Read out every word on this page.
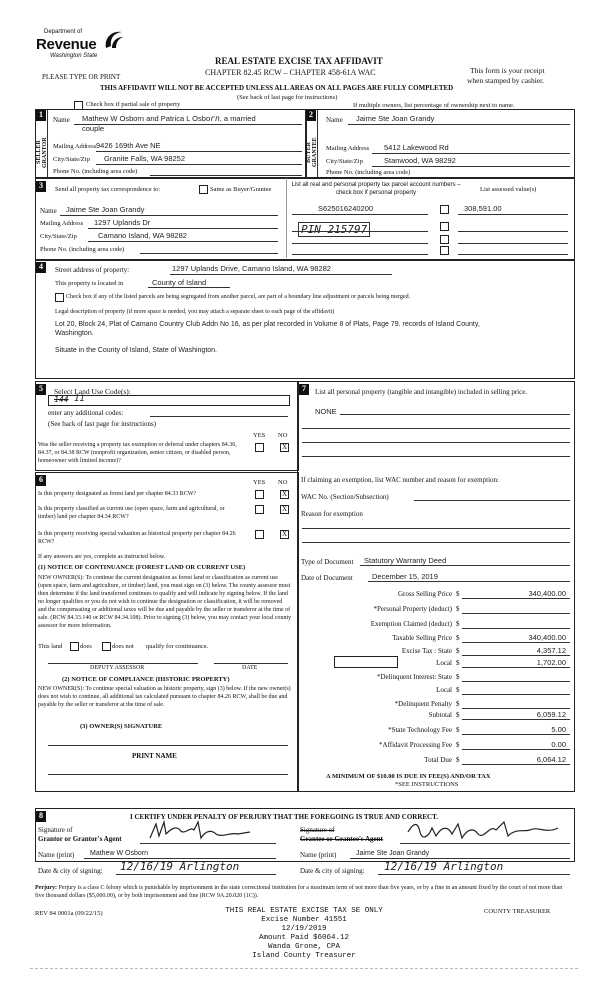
Department of
Revenue
Washington State
PLEASE TYPE OR PRINT
REAL ESTATE EXCISE TAX AFFIDAVIT
CHAPTER 82.45 RCW – CHAPTER 458-61A WAC	This form is your receipt
when stamped by cashier.
THIS AFFIDAVIT WILL NOT BE ACCEPTED UNLESS ALL AREAS ON ALL PAGES ARE FULLY COMPLETED
(See back of last page for instructions)
Check box if partial sale of property	If multiple owners, list percentage of ownership next to name.
1
SELLER GRANTOR
Name Mathew W Osborn and Patrica L Osborn, a married
couple
Mailing Address 9426 169th Ave NE
City/State/Zip Granite Falls, WA 98252
Phone No. (including area code)
2
BUYER GRANTEE
Name Jaime Ste Joan Grandy
Mailing Address 5412 Lakewood Rd
City/State/Zip	Stanwood, WA 98292
Phone No. (including area code)
3	Send all property tax correspondence to:	Same as Buyer/Grantee
Name Jaime Ste Joan Grandy
Mailing Address 1297 Uplands Dr
City/State/Zip	Camano Island, WA 98282
Phone No. (including area code)
List all real and personal property tax parcel account numbers – check box if personal property	List assessed value(s)
S625016240200	308,591.00
PIN 215797
4	Street address of property:	1297 Uplands Drive, Camano Island, WA 98282
This property is located in	County of Island
Check box if any of the listed parcels are being segregated from another parcel, are part of a boundary line adjustment or parcels being merged.
Legal description of property (if more space is needed, you may attach a separate sheet to each page of the affidavit)
Lot 20, Block 24, Plat of Camano Country Club Addn No 16, as per plat recorded in Volume 8 of Plats, Page 79. records of Island County,
Washington.
Situate in the County of Island, State of Washington.
5	Select Land Use Code(s):
144 11
enter any additional codes:
(See back of last page for instructions)
YES NO
Was the seller receiving a property tax exemption or deferral under chapters 84.36, 84.37, or 84.38 RCW (nonprofit organization, senior citizen, or disabled person, homeowner with limited income)?
X
6	YES NO
Is this property designated as forest land per chapter 84.33 RCW?	X
Is this property classified as current use (open space, farm and agricultural, or timber) land per chapter 84.34 RCW?
X
Is this property receiving special valuation as historical property per chapter 84.26 RCW?
X
If any answers are yes, complete as instructed below.
(1) NOTICE OF CONTINUANCE (FOREST LAND OR CURRENT USE)
NEW OWNER(S): To continue the current designation as forest land or classification as current use (open space, farm and agriculture, or timber) land, you must sign on (3) below. The county assessor must then determine if the land transferred continues to qualify and will indicate by signing below. If the land no longer qualifies or you do not wish to continue the designation or classification, it will be removed and the compensating or additional taxes will be due and payable by the seller or transferor at the time of sale. (RCW 84.33.140 or RCW 84.34.108). Prior to signing (3) below, you may contact your local county assessor for more information.
This land	does	does not qualify for continuance.
DEPUTY ASSESSOR	DATE
(2) NOTICE OF COMPLIANCE (HISTORIC PROPERTY)
NEW OWNER(S): To continue special valuation as historic property, sign (3) below. If the new owner(s) does not wish to continue, all additional tax calculated pursuant to chapter 84.26 RCW, shall be due and payable by the seller or transferor at the time of sale.
(3) OWNER(S) SIGNATURE
PRINT NAME
7	List all personal property (tangible and intangible) included in selling price.
NONE
If claiming an exemption, list WAC number and reason for exemption:
WAC No. (Section/Subsection)
Reason for exemption
Type of Document Statutory Warranty Deed
Date of Document	December 15, 2019
Gross Selling Price $	340,400.00
*Personal Property (deduct) $
Exemption Claimed (deduct) $
Taxable Selling Price $	340,400.00
Excise Tax : State $	4,357.12
Local $	1,702.00
*Delinquent Interest: State $
Local $
*Delinquent Penalty $
Subtotal $	6,059.12
*State Technology Fee $	5.00
*Affidavit Processing Fee $	0.00
Total Due $	6,064.12
A MINIMUM OF $10.00 IS DUE IN FEE(S) AND/OR TAX
*SEE INSTRUCTIONS
8	I CERTIFY UNDER PENALTY OF PERJURY THAT THE FOREGOING IS TRUE AND CORRECT.
Signature of
Grantor or Grantor's Agent
Name (print) Mathew W Osborn
Signature of
Grantee or Grantee's Agent
Name (print)	Jaime Ste Joan Grandy
Date & city of signing: 12/16/19 Arlington	Date & city of signing: 12/16/19 Arlington
Perjury: Perjury is a class C felony which is punishable by imprisonment in the state correctional institution for a maximum term of not more than five years, or by a fine in an amount fixed by the court of not more than five thousand dollars ($5,000.00), or by both imprisonment and fine (RCW 9A.20.020 (1C)).
REV 84 0001a (09/22/15)	THIS REAL ESTATE EXCISE TAX SE ONLY
Excise Number 41551
12/19/2019
Amount Paid $6064.12
Wanda Grone, CPA
Island County Treasurer
COUNTY TREASURER
